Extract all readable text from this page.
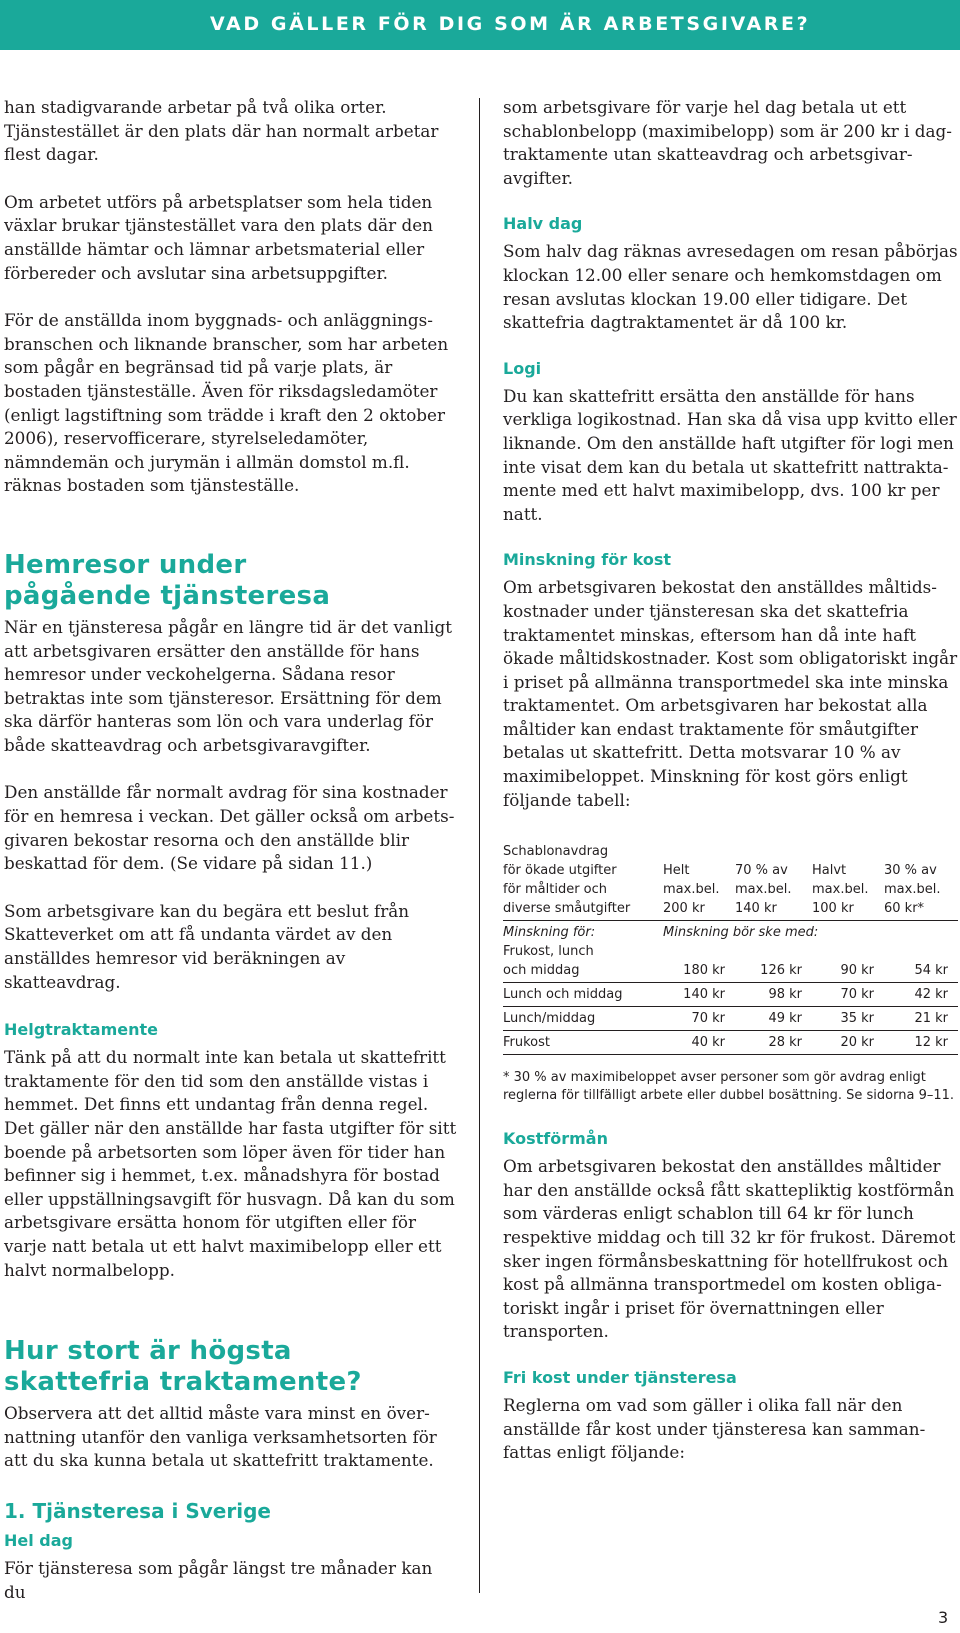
VAD GÄLLER FÖR DIG SOM ÄR ARBETSGIVARE?

han stadigvarande arbetar på två olika orter. Tjänstestället är den plats där han normalt arbetar flest dagar.

Om arbetet utförs på arbetsplatser som hela tiden växlar brukar tjänstestället vara den plats där den anställde hämtar och lämnar arbetsmaterial eller förbereder och avslutar sina arbetsuppgifter.

För de anställda inom byggnads- och anläggningsbranschen och liknande branscher, som har arbeten som pågår en begränsad tid på varje plats, är bostaden tjänsteställe. Även för riksdagsledamöter (enligt lagstiftning som trädde i kraft den 2 oktober 2006), reservofficerare, styrelseledamöter, nämndemän och jurymän i allmän domstol m.fl. räknas bostaden som tjänsteställe.

Hemresor under pågående tjänsteresa

När en tjänsteresa pågår en längre tid är det vanligt att arbetsgivaren ersätter den anställde för hans hemresor under veckohelgerna. Sådana resor betraktas inte som tjänsteresor. Ersättning för dem ska därför hanteras som lön och vara underlag för både skatteavdrag och arbetsgivaravgifter.

Den anställde får normalt avdrag för sina kostnader för en hemresa i veckan. Det gäller också om arbetsgivaren bekostar resorna och den anställde blir beskattad för dem. (Se vidare på sidan 11.)

Som arbetsgivare kan du begära ett beslut från Skatteverket om att få undanta värdet av den anställdes hemresor vid beräkningen av skatteavdrag.

Helgtraktamente

Tänk på att du normalt inte kan betala ut skattefritt traktamente för den tid som den anställde vistas i hemmet. Det finns ett undantag från denna regel. Det gäller när den anställde har fasta utgifter för sitt boende på arbetsorten som löper även för tider han befinner sig i hemmet, t.ex. månadshyra för bostad eller uppställningsavgift för husvagn. Då kan du som arbetsgivare ersätta honom för utgiften eller för varje natt betala ut ett halvt maximibelopp eller ett halvt normalbelopp.

Hur stort är högsta skattefria traktamente?

Observera att det alltid måste vara minst en övernattning utanför den vanliga verksamhetsorten för att du ska kunna betala ut skattefritt traktamente.

1. Tjänsteresa i Sverige
Hel dag

För tjänsteresa som pågår längst tre månader kan du

som arbetsgivare för varje hel dag betala ut ett schablonbelopp (maximibelopp) som är 200 kr i dagtraktamente utan skatteavdrag och arbetsgivaravgifter.

Halv dag

Som halv dag räknas avresedagen om resan påbörjas klockan 12.00 eller senare och hemkomstdagen om resan avslutas klockan 19.00 eller tidigare. Det skattefria dagtraktamentet är då 100 kr.

Logi

Du kan skattefritt ersätta den anställde för hans verkliga logikostnad. Han ska då visa upp kvitto eller liknande. Om den anställde haft utgifter för logi men inte visat dem kan du betala ut skattefritt nattraktamente med ett halvt maximibelopp, dvs. 100 kr per natt.

Minskning för kost

Om arbetsgivaren bekostat den anställdes måltidskostnader under tjänsteresan ska det skattefria traktamentet minskas, eftersom han då inte haft ökade måltidskostnader. Kost som obligatoriskt ingår i priset på allmänna transportmedel ska inte minska traktamentet. Om arbetsgivaren har bekostat alla måltider kan endast traktamente för småutgifter betalas ut skattefritt. Detta motsvarar 10 % av maximibeloppet. Minskning för kost görs enligt följande tabell:

Schablonavdrag
för ökade utgifter	Helt	70 % av	Halvt	30 % av
för måltider och	max.bel.	max.bel.	max.bel.	max.bel.
diverse småutgifter	200 kr	140 kr	100 kr	60 kr*
Minskning för:	Minskning bör ske med:
Frukost, lunch
och middag	180 kr	126 kr	90 kr	54 kr
Lunch och middag	140 kr	98 kr	70 kr	42 kr
Lunch/middag	70 kr	49 kr	35 kr	21 kr
Frukost	40 kr	28 kr	20 kr	12 kr
* 30 % av maximibeloppet avser personer som gör avdrag enligt reglerna för tillfälligt arbete eller dubbel bosättning. Se sidorna 9–11.
Kostförmån

Om arbetsgivaren bekostat den anställdes måltider har den anställde också fått skattepliktig kostförmån som värderas enligt schablon till 64 kr för lunch respektive middag och till 32 kr för frukost. Däremot sker ingen förmånsbeskattning för hotellfrukost och kost på allmänna transportmedel om kosten obligatoriskt ingår i priset för övernattningen eller transporten.

Fri kost under tjänsteresa

Reglerna om vad som gäller i olika fall när den anställde får kost under tjänsteresa kan sammanfattas enligt följande:

3
